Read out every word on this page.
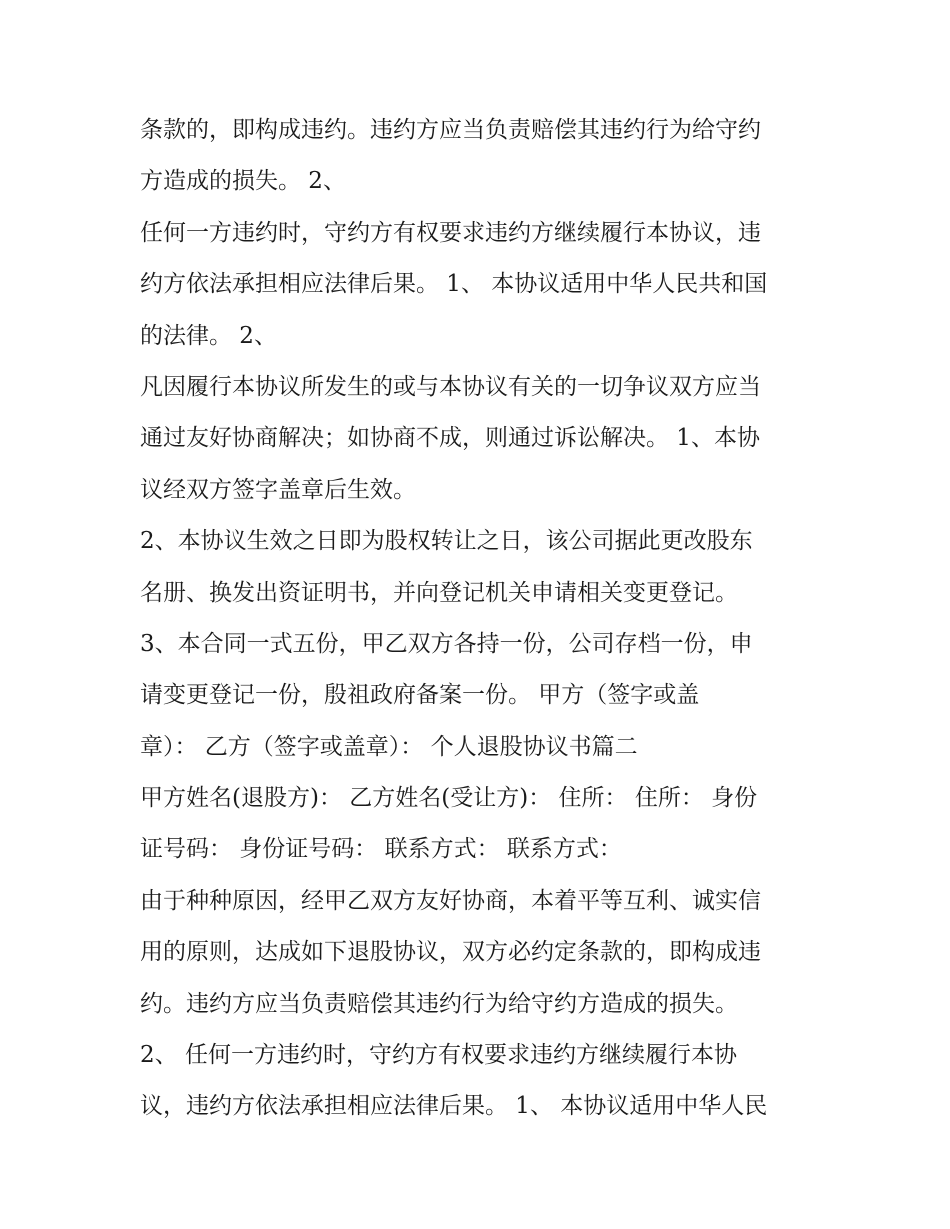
条款的，即构成违约。违约方应当负责赔偿其违约行为给守约
方造成的损失。 2、
任何一方违约时，守约方有权要求违约方继续履行本协议，违
约方依法承担相应法律后果。 1、 本协议适用中华人民共和国
的法律。 2、
凡因履行本协议所发生的或与本协议有关的一切争议双方应当
通过友好协商解决；如协商不成，则通过诉讼解决。 1、本协
议经双方签字盖章后生效。
2、本协议生效之日即为股权转让之日，该公司据此更改股东
名册、换发出资证明书，并向登记机关申请相关变更登记。
3、本合同一式五份，甲乙双方各持一份，公司存档一份，申
请变更登记一份，殷祖政府备案一份。 甲方（签字或盖
章）： 乙方（签字或盖章）： 个人退股协议书篇二
甲方姓名(退股方)： 乙方姓名(受让方)： 住所： 住所： 身份
证号码： 身份证号码： 联系方式： 联系方式：
由于种种原因，经甲乙双方友好协商，本着平等互利、诚实信
用的原则，达成如下退股协议，双方必约定条款的，即构成违
约。违约方应当负责赔偿其违约行为给守约方造成的损失。
2、 任何一方违约时，守约方有权要求违约方继续履行本协
议，违约方依法承担相应法律后果。 1、 本协议适用中华人民
